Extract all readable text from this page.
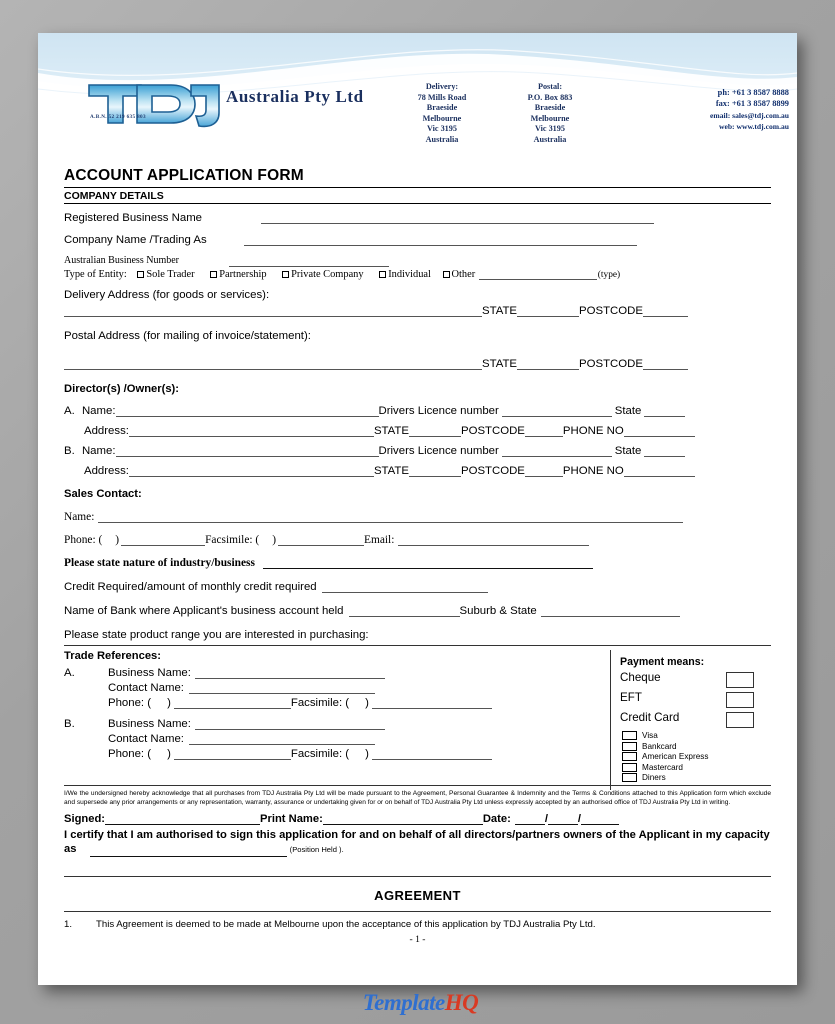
A.B.N. 52 219 635 803
Australia Pty Ltd
Delivery:
78 Mills Road
Braeside
Melbourne
Vic 3195
Australia
Postal:
P.O. Box 883
Braeside
Melbourne
Vic 3195
Australia
ph: +61 3 8587 8888
fax: +61 3 8587 8899
email: sales@tdj.com.au
web: www.tdj.com.au
ACCOUNT APPLICATION FORM
COMPANY DETAILS
Registered Business Name
Company Name /Trading As
Australian Business Number
Type of Entity: Sole Trader Partnership Private Company Individual Other	(type)
Delivery Address (for goods or services):
STATE	POSTCODE
Postal Address (for mailing of invoice/statement):
STATE	POSTCODE
Director(s) /Owner(s):
A. Name:	Drivers Licence number	State
Address:	STATE	POSTCODE	PHONE NO
B. Name:	Drivers Licence number	State
Address:	STATE	POSTCODE	PHONE NO
Sales Contact:
Name:
Phone: ( )	Facsimile: ( )	Email:
Please state nature of industry/business
Credit Required/amount of monthly credit required
Name of Bank where Applicant's business account held	Suburb & State
Please state product range you are interested in purchasing:
Trade References:
A.	Business Name:
Contact Name:
Phone: ( )	Facsimile: ( )
B.	Business Name:
Contact Name:
Phone: ( )	Facsimile: ( )
Payment means:
Cheque
EFT
Credit Card
Visa
Bankcard
American Express
Mastercard
Diners
I/We the undersigned hereby acknowledge that all purchases from TDJ Australia Pty Ltd will be made pursuant to the Agreement, Personal Guarantee & Indemnity and the Terms & Conditions attached to this Application form which exclude and supersede any prior arrangements or any representation, warranty, assurance or undertaking given for or on behalf of TDJ Australia Pty Ltd unless expressly accepted by an authorised office of TDJ Australia Pty Ltd in writing.
Signed:	Print Name:	Date:	/	/
I certify that I am authorised to sign this application for and on behalf of all directors/partners owners of the Applicant in my capacity as	(Position Held ).
AGREEMENT
1. This Agreement is deemed to be made at Melbourne upon the acceptance of this application by TDJ Australia Pty Ltd.
- 1 -
Template HQ
